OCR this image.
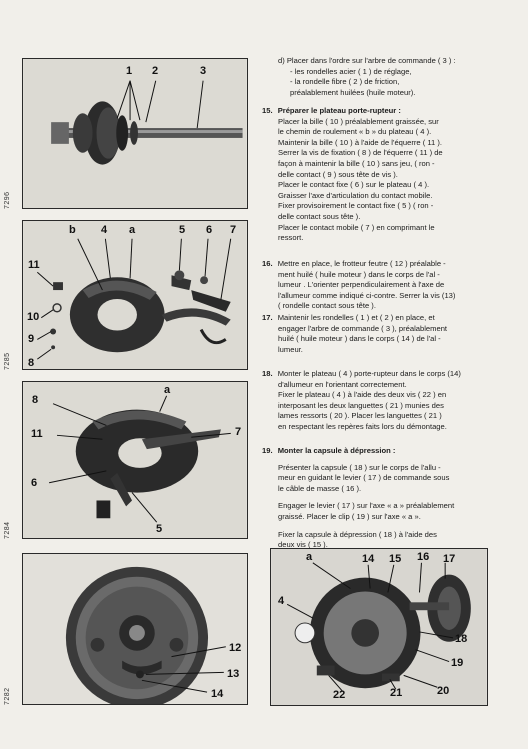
1 2	3
7296
b 4 a	5 6 7
11
10
9
8
7285
a
8
11	7
6
5
7284
12
13
14
7282
a	14 15 16 17
4
18
19
22	21	20
d) Placer dans l'ordre sur l'arbre de commande ( 3 ) :
- les rondelles acier ( 1 ) de réglage,
- la rondelle fibre ( 2 ) de friction,
préalablement huilées (huile moteur).
15. Préparer le plateau porte-rupteur :
Placer la bille ( 10 ) préalablement graissée, sur
le chemin de roulement « b » du plateau ( 4 ).
Maintenir la bille ( 10 ) à l'aide de l'équerre ( 11 ).
Serrer la vis de fixation ( 8 ) de l'équerre ( 11 ) de
façon à maintenir la bille ( 10 ) sans jeu, ( ron -
delle contact ( 9 ) sous tête de vis ).
Placer le contact fixe ( 6 ) sur le plateau ( 4 ).
Graisser l'axe d'articulation du contact mobile.
Fixer provisoirement le contact fixe ( 5 ) ( ron -
delle contact sous tête ).
Placer le contact mobile ( 7 ) en comprimant le
ressort.
16. Mettre en place, le frotteur feutre ( 12 ) préalable -
ment huilé ( huile moteur ) dans le corps de l'al -
lumeur . L'orienter perpendiculairement à l'axe de
l'allumeur comme indiqué ci-contre. Serrer la vis (13)
( rondelle contact sous tête ).
17. Maintenir les rondelles ( 1 ) et ( 2 ) en place, et
engager l'arbre de commande ( 3 ), préalablement
huilé ( huile moteur ) dans le corps ( 14 ) de l'al -
lumeur.
18. Monter le plateau ( 4 ) porte-rupteur dans le corps (14)
d'allumeur en l'orientant correctement.
Fixer le plateau ( 4 ) à l'aide des deux vis ( 22 ) en
interposant les deux languettes ( 21 ) munies des
lames ressorts ( 20 ). Placer les languettes ( 21 )
en respectant les repères faits lors du démontage.
19. Monter la capsule à dépression :
Présenter la capsule ( 18 ) sur le corps de l'allu -
meur en guidant le levier ( 17 ) de commande sous
le câble de masse ( 16 ).
Engager le levier ( 17 ) sur l'axe « a » préalablement
graissé. Placer le clip ( 19 ) sur l'axe « a ».
Fixer la capsule à dépression ( 18 ) à l'aide des
deux vis ( 15 ).
